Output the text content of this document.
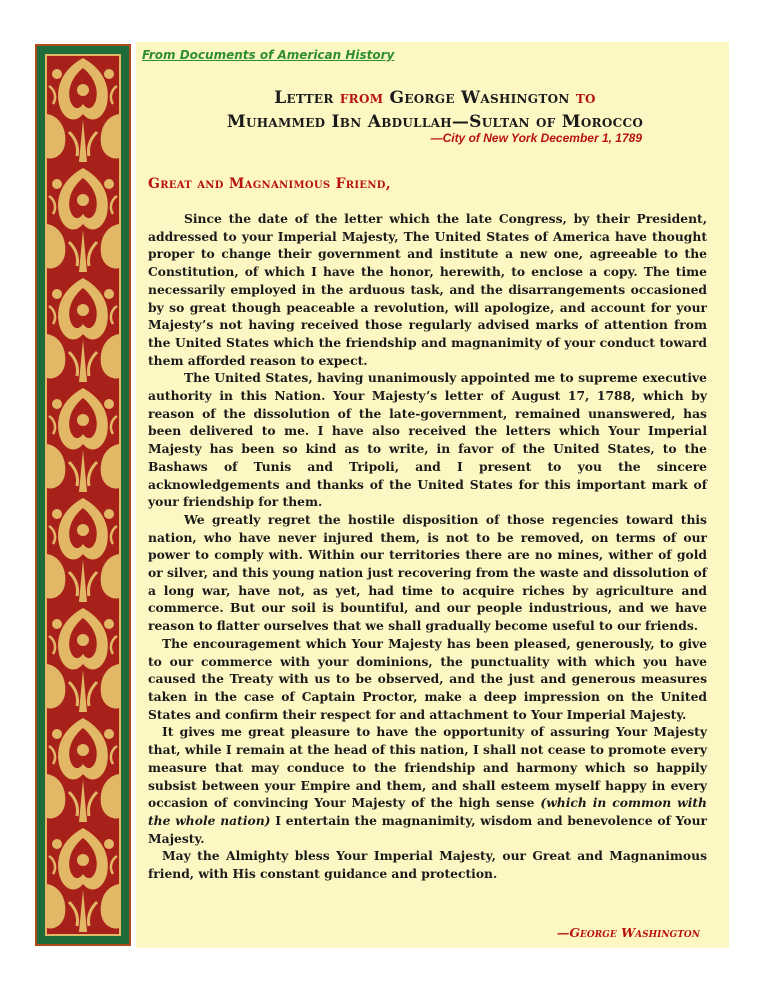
From Documents of American History
Letter from George Washington to
Muhammed Ibn Abdullah—Sultan of Morocco
—City of New York December 1, 1789
Great and Magnanimous Friend,

Since the date of the letter which the late Congress, by their President, addressed to your Imperial Majesty, The United States of America have thought proper to change their government and institute a new one, agreeable to the Constitution, of which I have the honor, herewith, to enclose a copy. The time necessarily employed in the arduous task, and the disarrangements occasioned by so great though peaceable a revolution, will apologize, and account for your Majesty’s not having received those regularly advised marks of attention from the United States which the friendship and magnanimity of your conduct toward them afforded reason to expect.

The United States, having unanimously appointed me to supreme executive authority in this Nation. Your Majesty’s letter of August 17, 1788, which by reason of the dissolution of the late-government, remained unanswered, has been delivered to me. I have also received the letters which Your Imperial Majesty has been so kind as to write, in favor of the United States, to the Bashaws of Tunis and Tripoli, and I present to you the sincere acknowledgements and thanks of the United States for this important mark of your friendship for them.

We greatly regret the hostile disposition of those regencies toward this nation, who have never injured them, is not to be removed, on terms of our power to comply with. Within our territories there are no mines, wither of gold or silver, and this young nation just recovering from the waste and dissolution of a long war, have not, as yet, had time to acquire riches by agriculture and commerce. But our soil is bountiful, and our people industrious, and we have reason to flatter ourselves that we shall gradually become useful to our friends.

The encouragement which Your Majesty has been pleased, generously, to give to our commerce with your dominions, the punctuality with which you have caused the Treaty with us to be observed, and the just and generous measures taken in the case of Captain Proctor, make a deep impression on the United States and confirm their respect for and attachment to Your Imperial Majesty.

It gives me great pleasure to have the opportunity of assuring Your Majesty that, while I remain at the head of this nation, I shall not cease to promote every measure that may conduce to the friendship and harmony which so happily subsist between your Empire and them, and shall esteem myself happy in every occasion of convincing Your Majesty of the high sense (which in common with the whole nation) I entertain the magnanimity, wisdom and benevolence of Your Majesty.

May the Almighty bless Your Imperial Majesty, our Great and Magnanimous friend, with His constant guidance and protection.

—George Washington
